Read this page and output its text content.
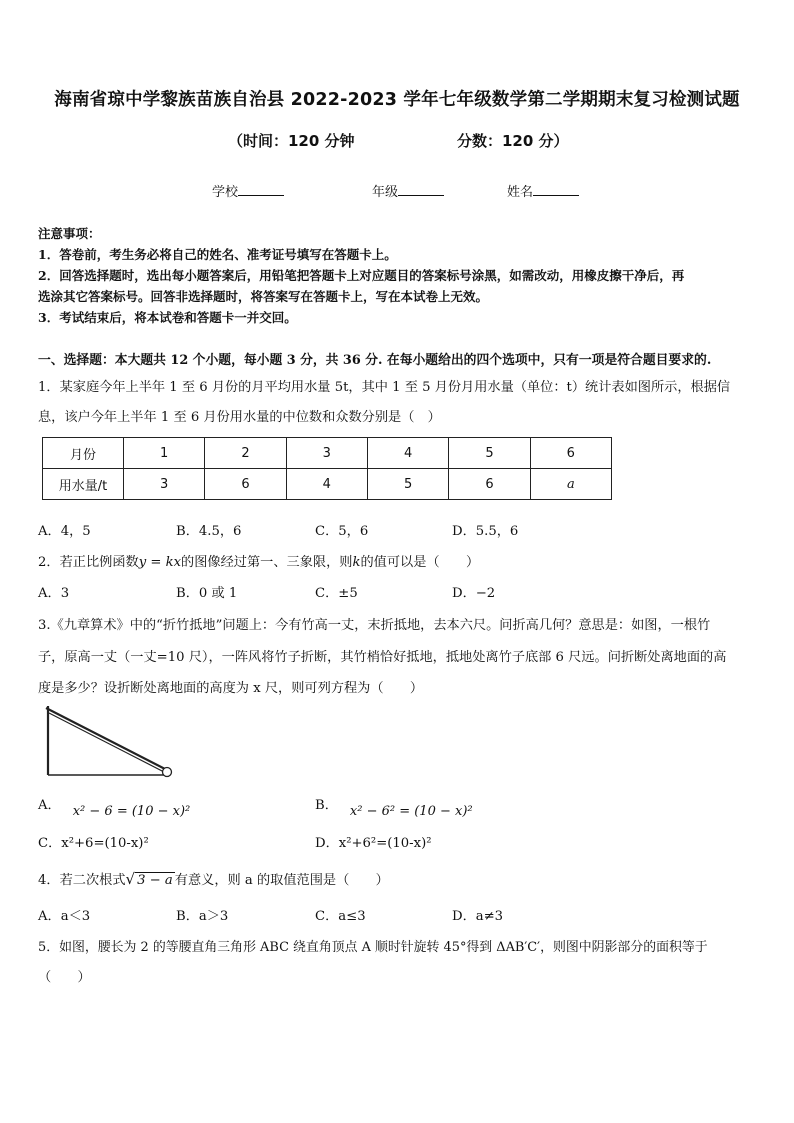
海南省琼中学黎族苗族自治县 2022-2023 学年七年级数学第二学期期末复习检测试题
（时间：120 分钟	分数：120 分）
学校	年级	姓名
注意事项：
1．答卷前，考生务必将自己的姓名、准考证号填写在答题卡上。
2．回答选择题时，选出每小题答案后，用铅笔把答题卡上对应题目的答案标号涂黑，如需改动，用橡皮擦干净后，再
选涂其它答案标号。回答非选择题时，将答案写在答题卡上，写在本试卷上无效。
3．考试结束后，将本试卷和答题卡一并交回。
一、选择题：本大题共 12 个小题，每小题 3 分，共 36 分. 在每小题给出的四个选项中，只有一项是符合题目要求的.
1．某家庭今年上半年 1 至 6 月份的月平均用水量 5t，其中 1 至 5 月份月用水量（单位：t）统计表如图所示，根据信
息，该户今年上半年 1 至 6 月份用水量的中位数和众数分别是（　）
月份	1	2	3	4	5	6
用水量/t	3	6	4	5	6	a
A．4，5	B．4.5，6	C．5，6	D．5.5，6
2．若正比例函数y = kx的图像经过第一、三象限，则k的值可以是（　　）
A．3	B．0 或 1	C．±5	D．−2
3.《九章算术》中的“折竹抵地”问题上：今有竹高一丈，末折抵地，去本六尺。问折高几何？意思是：如图，一根竹
子，原高一丈（一丈=10 尺），一阵风将竹子折断，其竹梢恰好抵地，抵地处离竹子底部 6 尺远。问折断处离地面的高
度是多少？设折断处离地面的高度为 x 尺，则可列方程为（　　）
A． x² − 6 = (10 − x)²	B． x² − 6² = (10 − x)²
C．x²+6=(10-x)²	D．x²+6²=(10-x)²
4．若二次根式√ 3 − a 有意义，则 a 的取值范围是（　　）
A．a＜3	B．a＞3	C．a≤3	D．a≠3
5．如图，腰长为 2 的等腰直角三角形 ABC 绕直角顶点 A 顺时针旋转 45°得到 ΔAB′C′，则图中阴影部分的面积等于
（　　）
